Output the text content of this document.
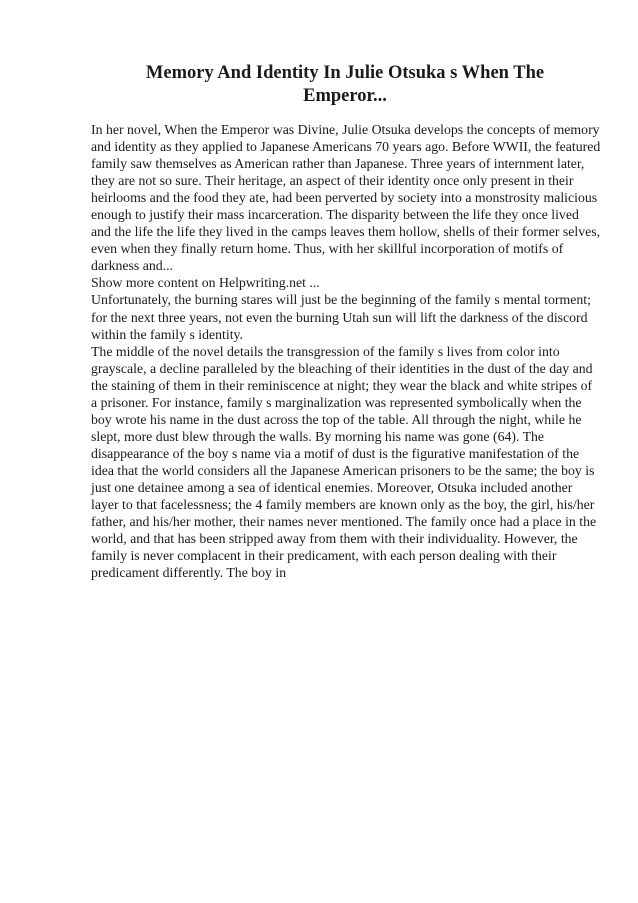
Memory And Identity In Julie Otsuka s When The Emperor...

In her novel, When the Emperor was Divine, Julie Otsuka develops the concepts of memory and identity as they applied to Japanese Americans 70 years ago. Before WWII, the featured family saw themselves as American rather than Japanese. Three years of internment later, they are not so sure. Their heritage, an aspect of their identity once only present in their heirlooms and the food they ate, had been perverted by society into a monstrosity malicious enough to justify their mass incarceration. The disparity between the life they once lived and the life the life they lived in the camps leaves them hollow, shells of their former selves, even when they finally return home. Thus, with her skillful incorporation of motifs of darkness and...

Show more content on Helpwriting.net ...

Unfortunately, the burning stares will just be the beginning of the family s mental torment; for the next three years, not even the burning Utah sun will lift the darkness of the discord within the family s identity.

The middle of the novel details the transgression of the family s lives from color into grayscale, a decline paralleled by the bleaching of their identities in the dust of the day and the staining of them in their reminiscence at night; they wear the black and white stripes of a prisoner. For instance, family s marginalization was represented symbolically when the boy wrote his name in the dust across the top of the table. All through the night, while he slept, more dust blew through the walls. By morning his name was gone (64). The disappearance of the boy s name via a motif of dust is the figurative manifestation of the idea that the world considers all the Japanese American prisoners to be the same; the boy is just one detainee among a sea of identical enemies. Moreover, Otsuka included another layer to that facelessness; the 4 family members are known only as the boy, the girl, his/her father, and his/her mother, their names never mentioned. The family once had a place in the world, and that has been stripped away from them with their individuality. However, the family is never complacent in their predicament, with each person dealing with their predicament differently. The boy in
